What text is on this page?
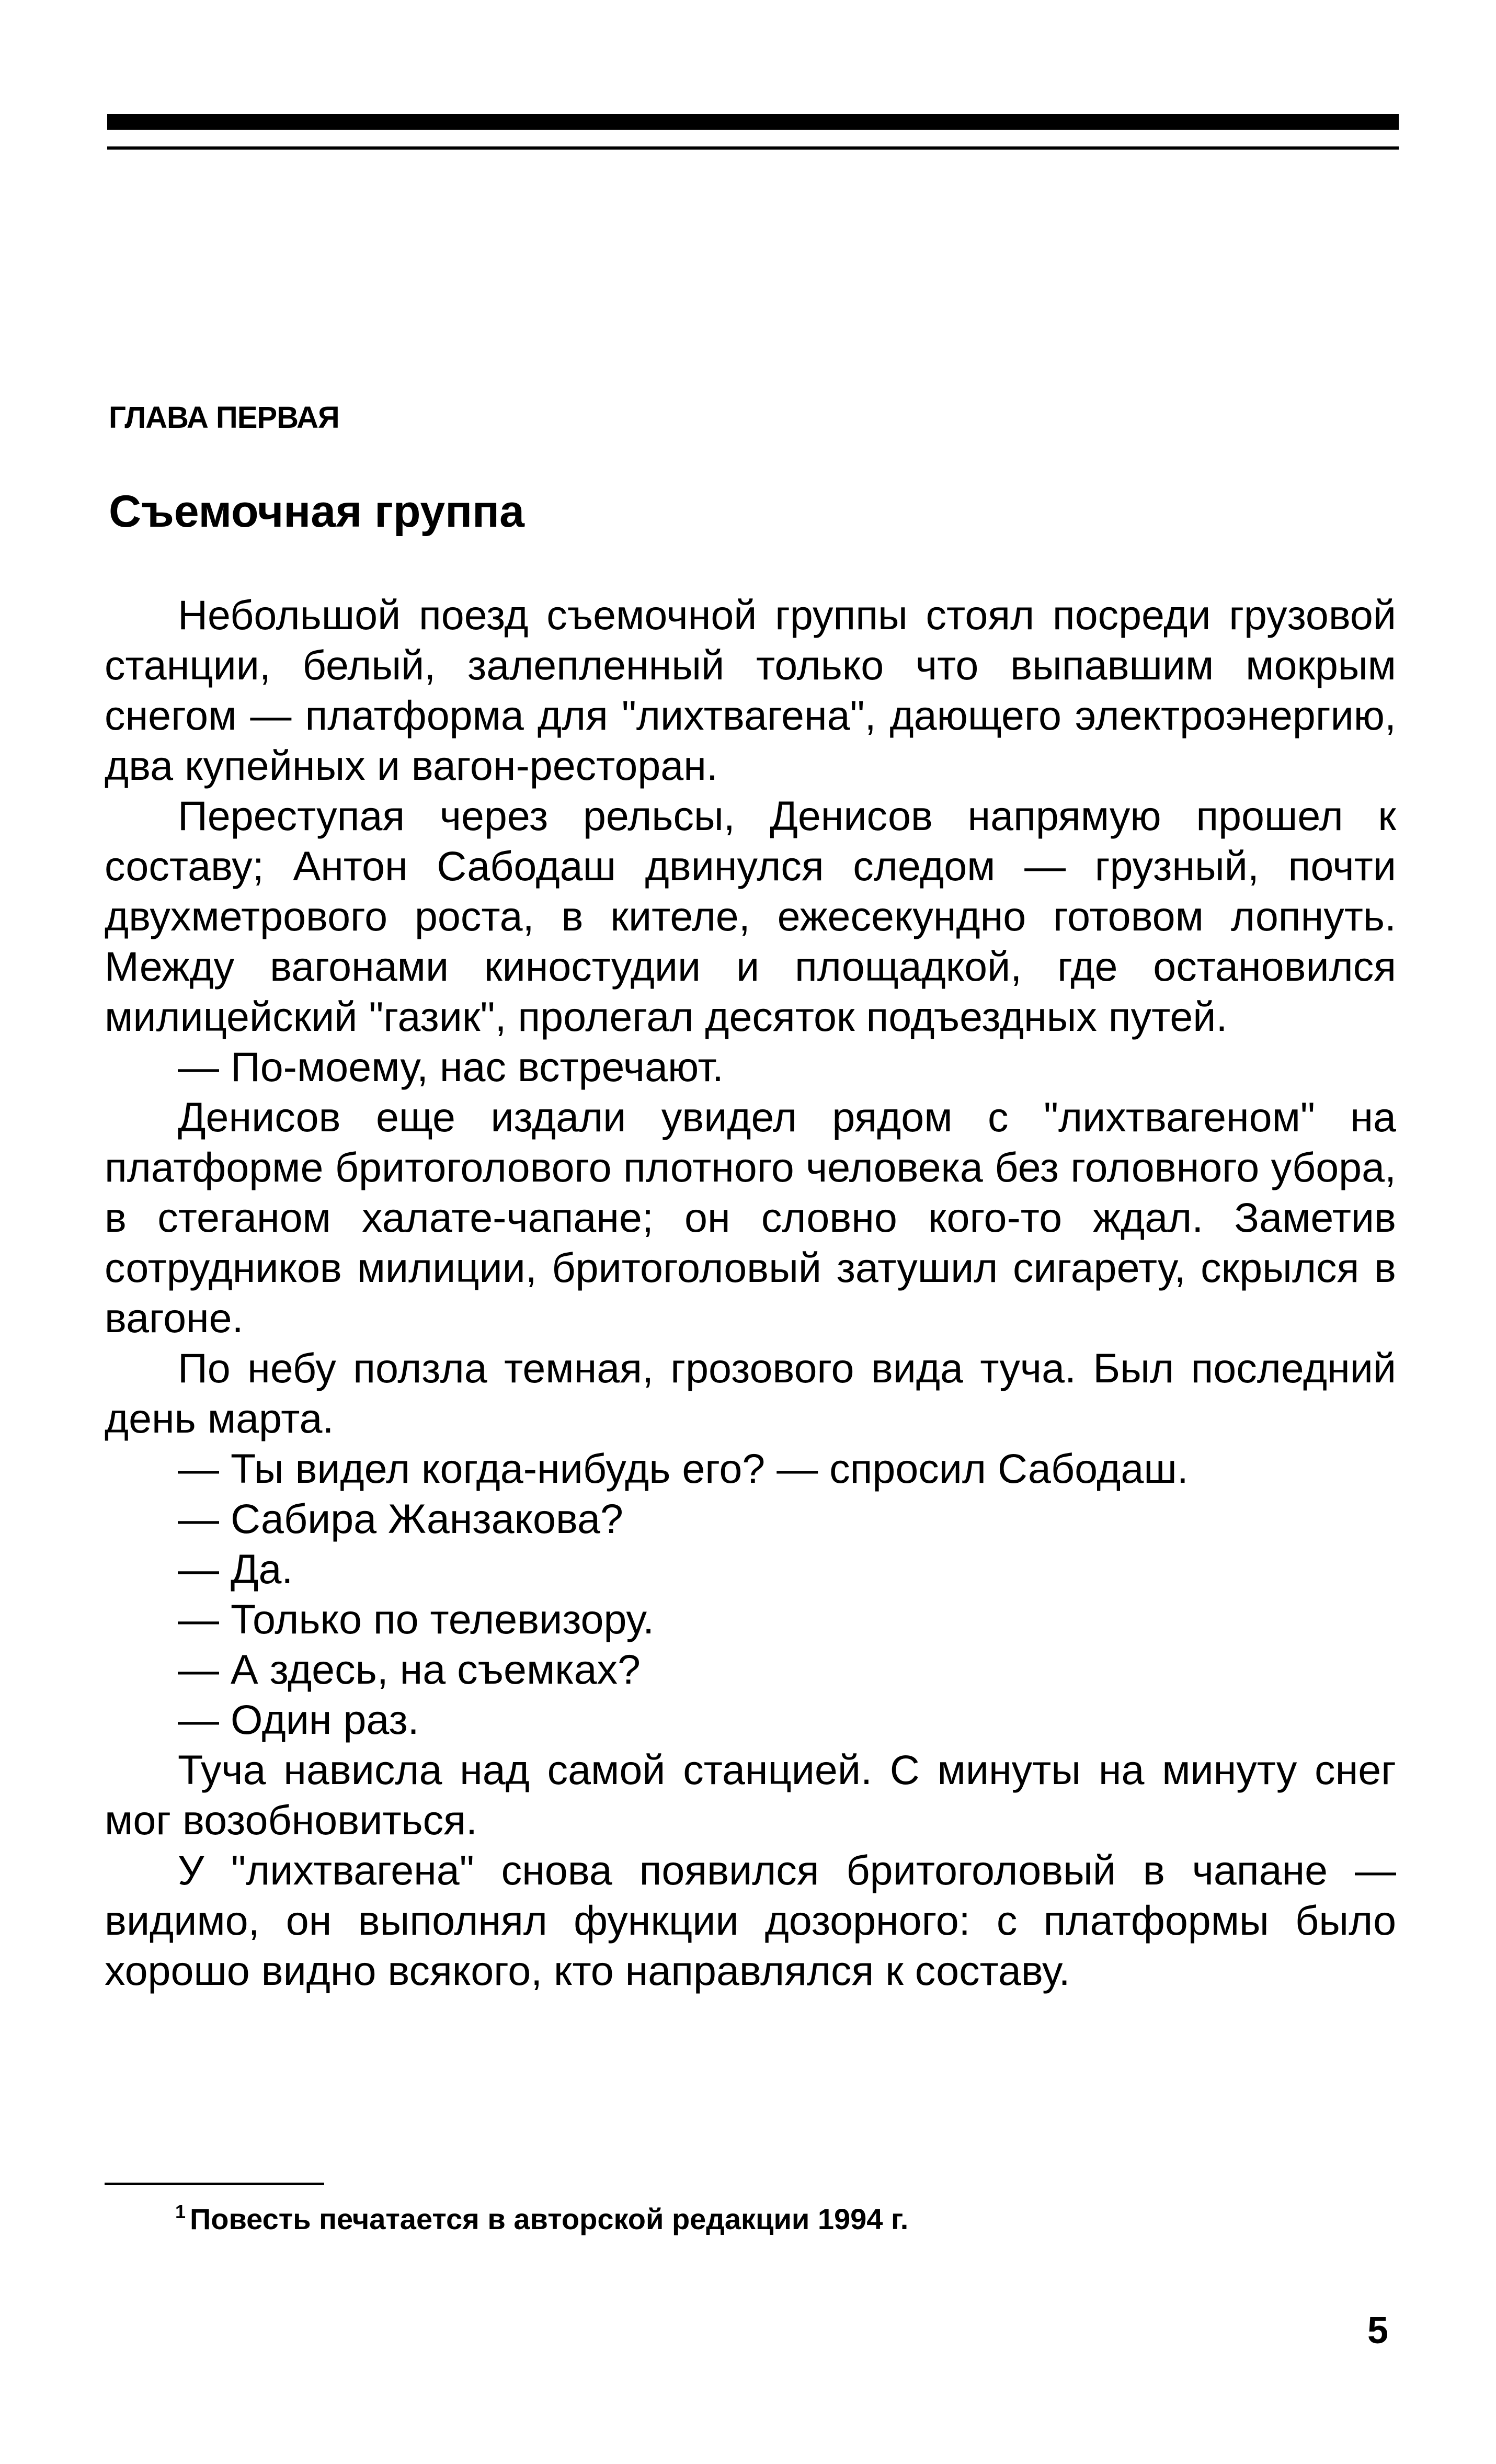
ГЛАВА ПЕРВАЯ
Съемочная группа

Небольшой поезд съемочной группы стоял посреди грузовой станции, белый, залепленный только что выпавшим мокрым снегом — платформа для "лихтвагена", дающего электроэнергию, два купейных и вагон-ресторан.

Переступая через рельсы, Денисов напрямую прошел к составу; Антон Сабодаш двинулся следом — грузный, почти двухметрового роста, в кителе, ежесекундно готовом лопнуть. Между вагонами киностудии и площадкой, где остановился милицейский "газик", пролегал десяток подъездных путей.

— По-моему, нас встречают.

Денисов еще издали увидел рядом с "лихтвагеном" на платформе бритоголового плотного человека без головного убора, в стеганом халате-чапане; он словно кого-то ждал. Заметив сотрудников милиции, бритоголовый затушил сигарету, скрылся в вагоне.

По небу ползла темная, грозового вида туча. Был последний день марта.

— Ты видел когда-нибудь его? — спросил Сабодаш.

— Сабира Жанзакова?

— Да.

— Только по телевизору.

— А здесь, на съемках?

— Один раз.

Туча нависла над самой станцией. С минуты на минуту снег мог возобновиться.

У "лихтвагена" снова появился бритоголовый в чапане — видимо, он выполнял функции дозорного: с платформы было хорошо видно всякого, кто направлялся к составу.

$^1$ Повесть печатается в авторской редакции 1994 г.

5
